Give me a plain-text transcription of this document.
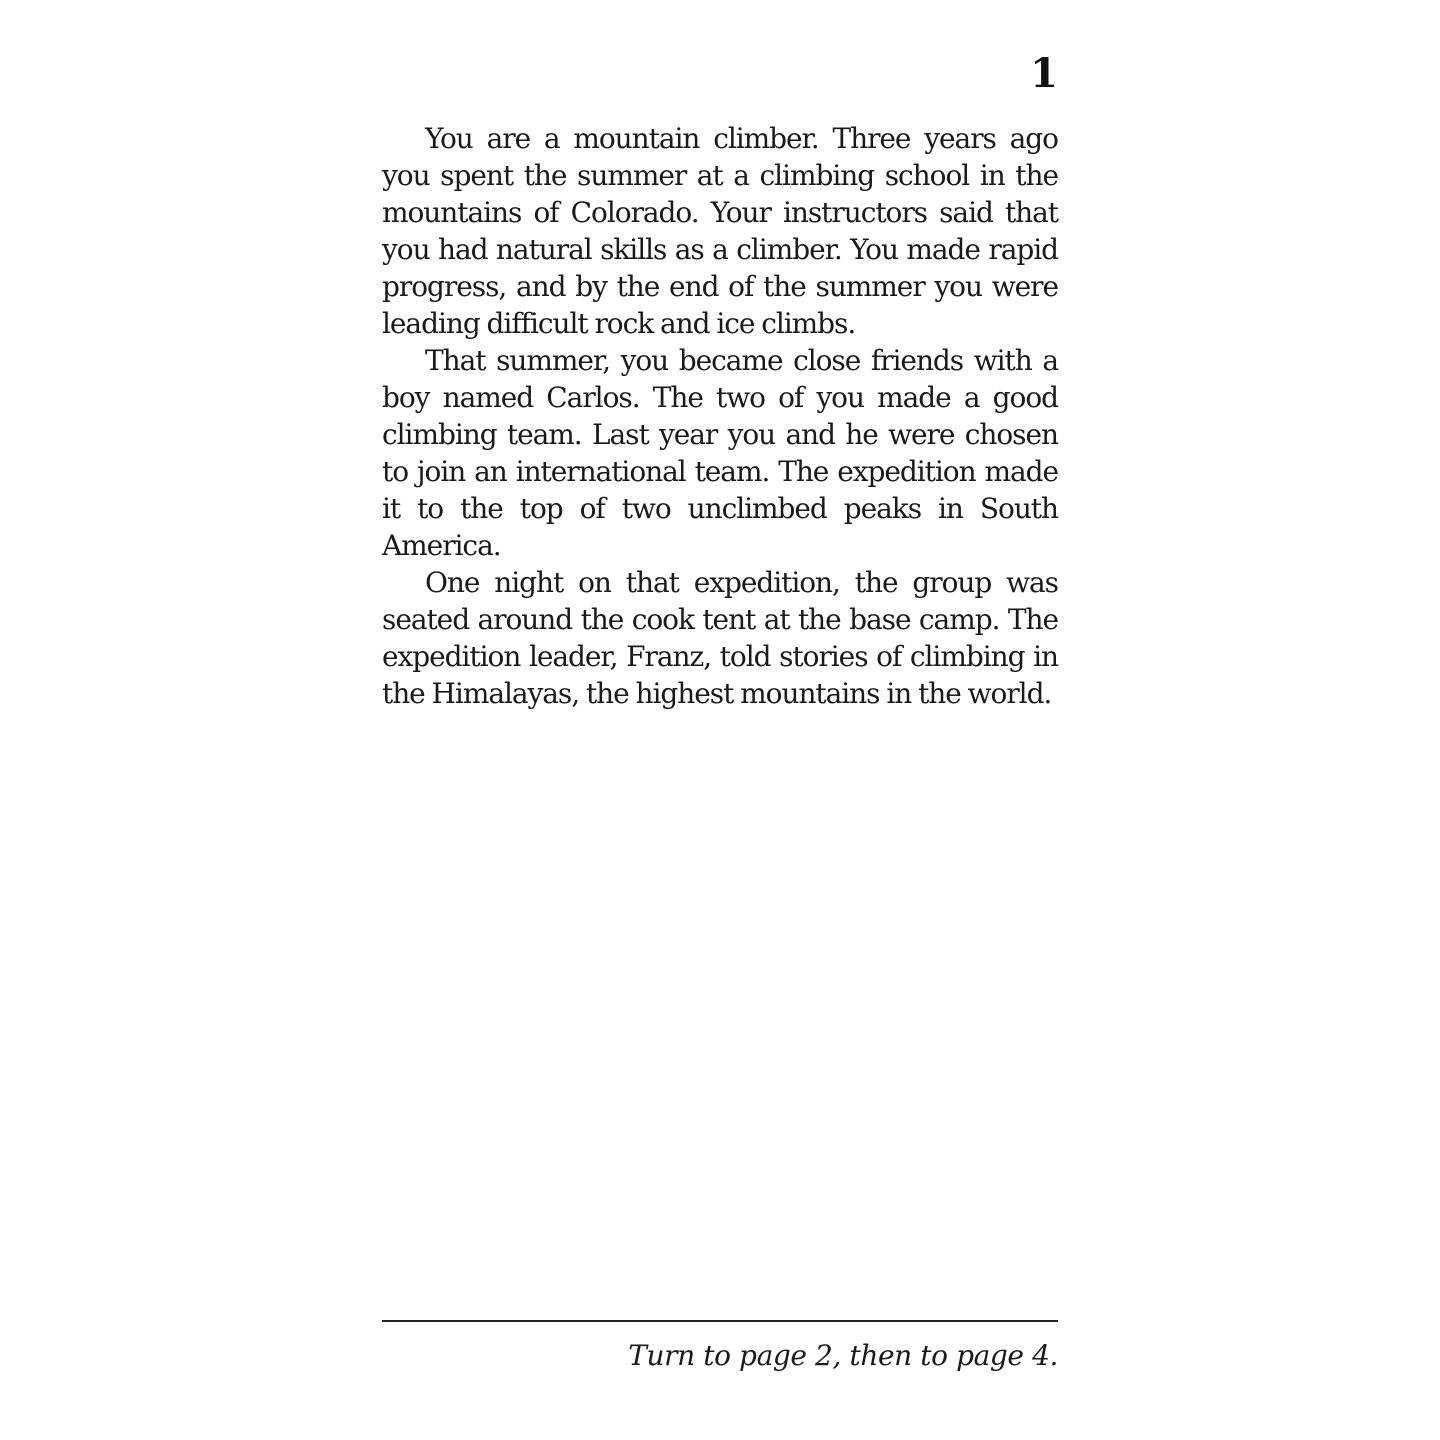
1

You are a mountain climber. Three years ago you spent the summer at a climbing school in the mountains of Colorado. Your instructors said that you had natural skills as a climber. You made rapid progress, and by the end of the summer you were leading difficult rock and ice climbs.

That summer, you became close friends with a boy named Carlos. The two of you made a good climbing team. Last year you and he were chosen to join an international team. The expedition made it to the top of two unclimbed peaks in South America.

One night on that expedition, the group was seated around the cook tent at the base camp. The expedition leader, Franz, told stories of climbing in the Himalayas, the highest mountains in the world.

Turn to page 2, then to page 4.
